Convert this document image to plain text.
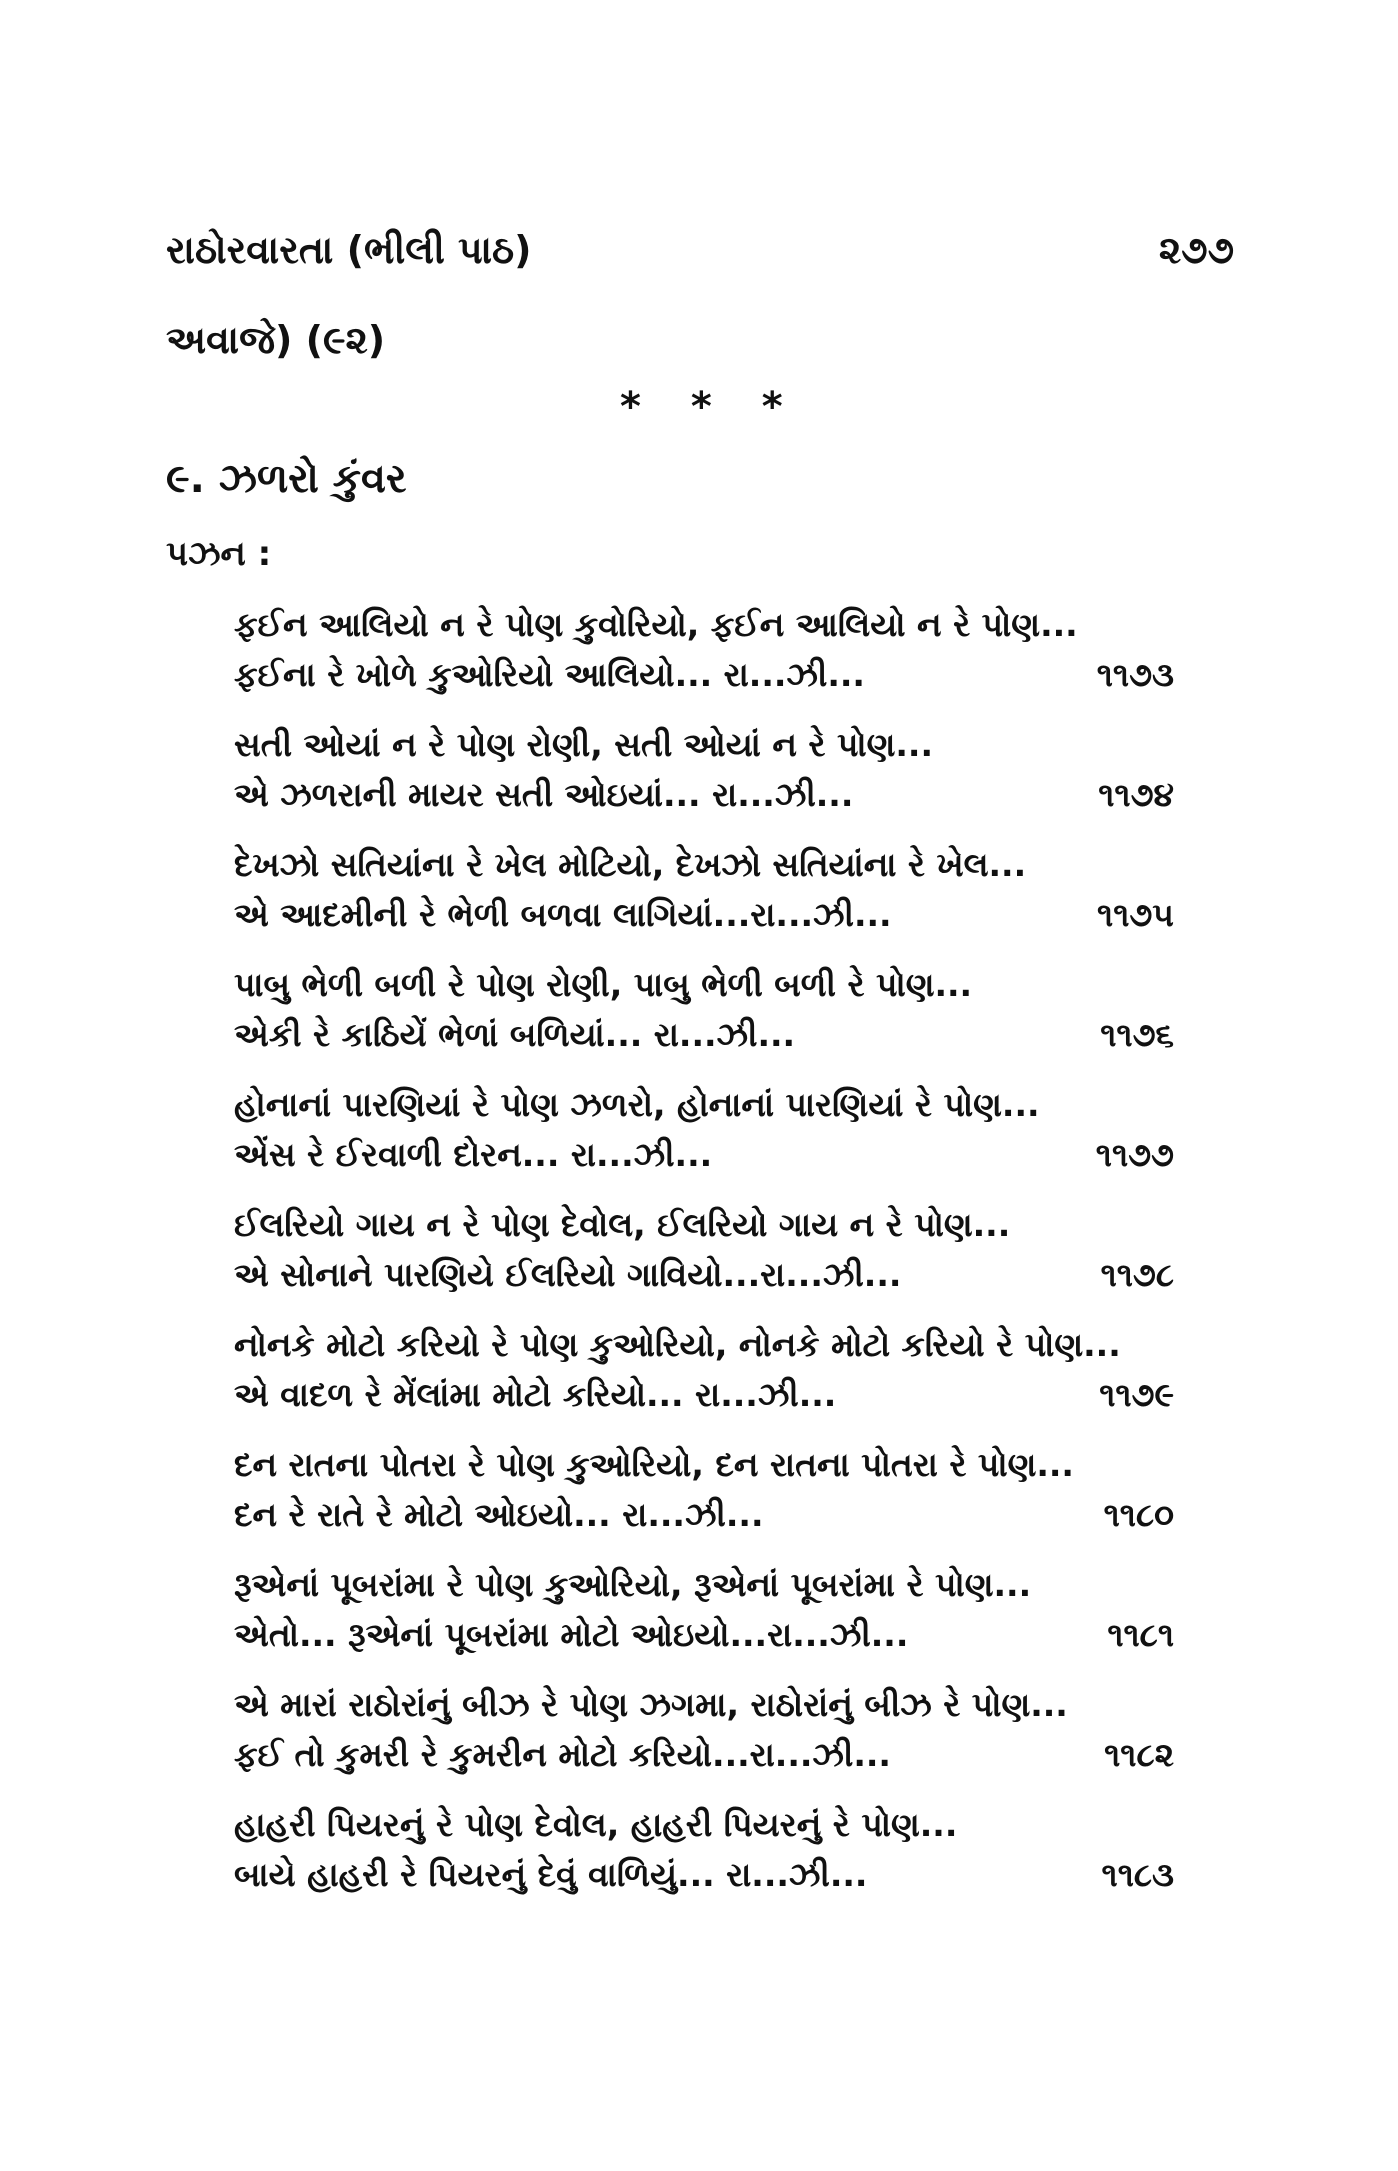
રાઠોરવારતા (ભીલી પાઠ)	૨૭૭
અવાજે) (૯૨)
* * *
૯. ઝળરો કુંવર
પઝન :
ફઈન આલિયો ન રે પોણ કુવોરિયો, ફઈન આલિયો ન રે પોણ...
ફઈના રે ખોળે કુઓરિયો આલિયો... રા...ઝી...	૧૧૭૩
સતી ઓયાં ન રે પોણ રોણી, સતી ઓયાં ન રે પોણ...
એ ઝળરાની માયર સતી ઓઇયાં... રા...ઝી...	૧૧૭૪
દેખઝો સતિયાંના રે ખેલ મોટિયો, દેખઝો સતિયાંના રે ખેલ...
એ આદમીની રે ભેળી બળવા લાગિયાં...રા...ઝી...	૧૧૭૫
પાબુ ભેળી બળી રે પોણ રોણી, પાબુ ભેળી બળી રે પોણ...
એકી રે કાઠિયેં ભેળાં બળિયાં... રા...ઝી...	૧૧૭૬
હોનાનાં પારણિયાં રે પોણ ઝળરો, હોનાનાં પારણિયાં રે પોણ...
એંસ રે ઈરવાળી દોરન... રા...ઝી...	૧૧૭૭
ઈલરિયો ગાય ન રે પોણ દેવોલ, ઈલરિયો ગાય ન રે પોણ...
એ સોનાને પારણિયે ઈલરિયો ગાવિયો...રા...ઝી...	૧૧૭૮
નોનકે મોટો કરિયો રે પોણ કુઓરિયો, નોનકે મોટો કરિયો રે પોણ...
એ વાદળ રે મેંલાંમા મોટો કરિયો... રા...ઝી...	૧૧૭૯
દન રાતના પોતરા રે પોણ કુઓરિયો, દન રાતના પોતરા રે પોણ...
દન રે રાતે રે મોટો ઓઇયો... રા...ઝી...	૧૧૮૦
રૂએનાં પૂબરાંમા રે પોણ કુઓરિયો, રૂએનાં પૂબરાંમા રે પોણ...
એતો... રૂએનાં પૂબરાંમા મોટો ઓઇયો...રા...ઝી...	૧૧૮૧
એ મારાં રાઠોરાંનું બીઝ રે પોણ ઝગમા, રાઠોરાંનું બીઝ રે પોણ...
ફઈ તો કુમરી રે કુમરીન મોટો કરિયો...રા...ઝી...	૧૧૮૨
હાહરી પિયરનું રે પોણ દેવોલ, હાહરી પિયરનું રે પોણ...
બાયે હાહરી રે પિયરનું દેવું વાળિયું... રા...ઝી...	૧૧૮૩
